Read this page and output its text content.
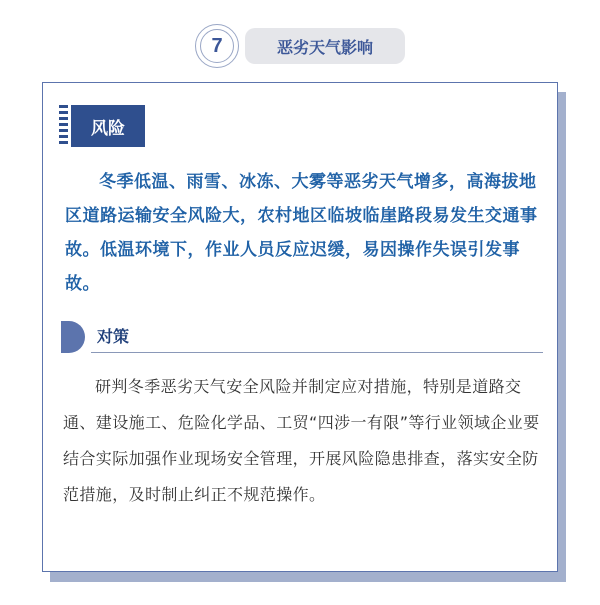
7	恶劣天气影响
风险

冬季低温、雨雪、冰冻、大雾等恶劣天气增多，高海拔地区道路运输安全风险大，农村地区临坡临崖路段易发生交通事故。低温环境下，作业人员反应迟缓，易因操作失误引发事故。

对策

研判冬季恶劣天气安全风险并制定应对措施，特别是道路交通、建设施工、危险化学品、工贸“四涉一有限”等行业领域企业要结合实际加强作业现场安全管理，开展风险隐患排查，落实安全防范措施，及时制止纠正不规范操作。
